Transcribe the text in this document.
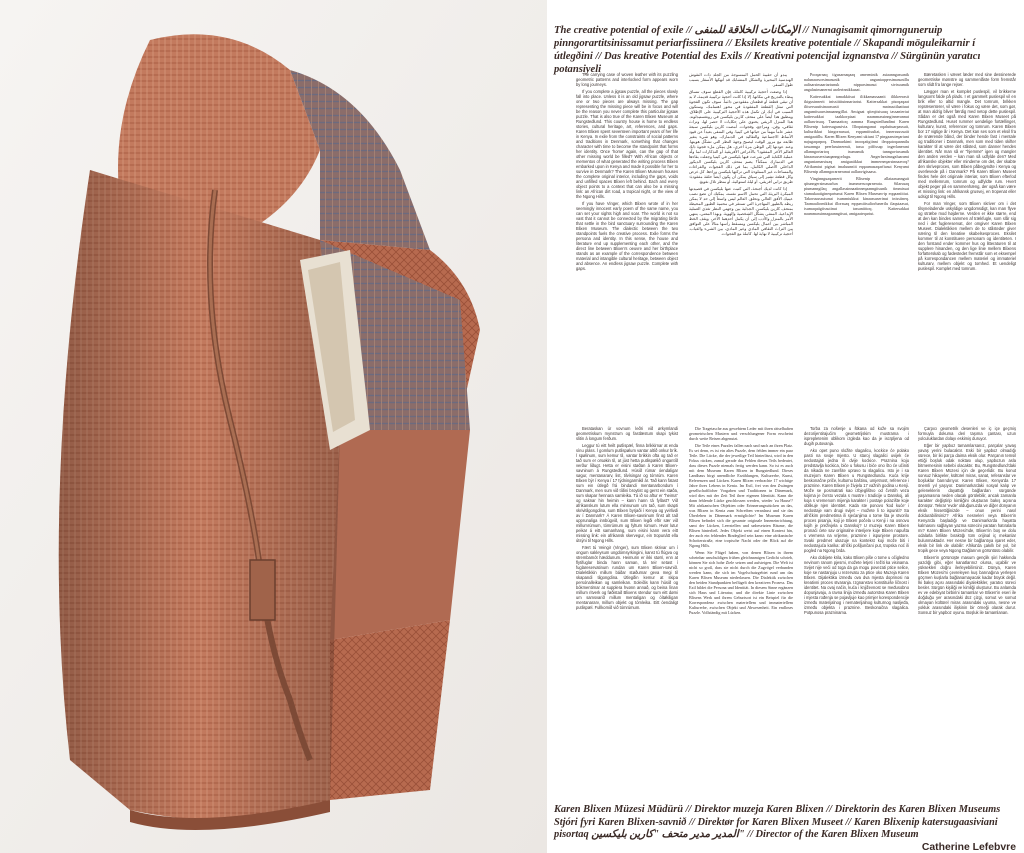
The creative potential of exile // الإمكانات الخلاقة للمنفى // Nunagisamit qimornguneruip pinngorartitsinissamut periarfissiinera // Eksilets kreative potentiale // Skapandi möguleikarnir í útlegðini // Das kreative Potential des Exils // Kreativni potencijal izgnanstva // Sürgünün yaratıcı potansiyeli

The carrying case of woven leather with its puzzling geometric patterns and interlocked form appears worn by long journeys.

If you complete a jigsaw puzzle, all the pieces slowly fall into place. Unless it is an old jigsaw puzzle, where one or two pieces are always missing. The gap representing the missing piece will be in focus and will be the reason you never complete this particular jigsaw puzzle. That is also true of the Karen Blixen Museum at Rungstedlund. This country house is home to endless stories, cultural heritage, art, references, and gaps. Karen Blixen spent seventeen important years of her life in Kenya. In exile from the constraints of social patterns and traditions in Denmark, something that changes character with time to become the standpoint that forms her identity. Once 'home' again, can the gap of that other missing world be filled? With African objects or mementos of what generated the writing process Blixen embarked upon in Kenya and made it possible for her to survive in Denmark? The Karen Blixen Museum houses the complete original interior, including the gaps, voids and unfilled spaces Blixen left behind. Each and every object points to a context that can also be a missing link: an African dirt road, a tropical night, or the view of the Ngong Hills.

If you have Vinger, which Blixen wrote of in her seemingly innocent early poem of the same name, you can set your sights high and soar. The world is not so vast that it cannot be connected by the migrating birds that settle in the bird sanctuary surrounding the Karen Blixen Museum. The dialectic between the two standpoints fuels the creative process. Exile forms the persona and identity. In this sense, the house and literature end up supplementing each other, and the direct line between Blixen's oeuvre and her birthplace stands as an example of the correspondence between material and intangible cultural heritage, between object and absence. An endless jigsaw puzzle. Complete with gaps.

يبدو أن حقيبة الحمل المنسوجة من الجلد ذات النقوش الهندسية المحيرة والشكل المتشابك قد أنهكها الأسفار بسبب طول السفر.

إذا وضعت أحجية تركيبية كاملة، فإن القطع سوف تنساق ببطء بالتدريج في مكانها. إلا إذا كانت أحجية تركيبية قديمة، لا بد أن تبقى قطعة أو قطعتان مفقودتين دائماً. سوف تكون الفجوة التي تمثل القطعة المفقودة في محور اهتمامك، وستكون السبب في أنك لن تكمل هذه الأحجية التركيبية على الإطلاق. وينطبق هذا أيضاً على متحف كارين بليكسن في رونغستيدلوند. هذا المنزل الريفي يحتوي على حكايات لا حصر لها، وتراث ثقافي، وفن، ومراجع، وفجوات. أمضت كارين بليكسن سبعة عشر عاماً مهماً من حياتها في كينيا. وفي المنفى بعيداً عن قيود الأنماط الاجتماعية والتقاليد في الدنمارك، وهو شيء يتغير طابعه مع مرور الوقت ليصبح وجهة النظر التي تشكّل هويتها. وعند عودتها إلى الوطن مرة أخرى، هل يمكن ملء فجوة ذلك العالم الآخر المفقود؟ بالأغراض الأفريقية أو التذكارات لما ولّد عملية الكتابة التي شرعت فيها بليكسن في كينيا وجعلت بقاءها في الدنمارك ممكناً؟ يضم متحف كارين بليكسن الديكور الداخلي الأصلي الكامل، بما في ذلك الفجوات والفراغات والمساحات غير المملوءة التي تركتها بليكسن وراءها. كل غرض وكل قطعة تشير إلى سياق يمكن أن يكون أيضاً حلقة مفقودة: طريق ترابي أفريقي، أو ليلة استوائية، أو منظر تلال نغونغ.

إذا كانت لديك أجنحة، التي كتبت عنها بليكسن في قصيدتها المبكرة البريئة التي تحمل الاسم نفسه، يمكنك أن تضع نصب عينيك الأفق العالي وتحلق. العالم ليس واسعاً إلى حد لا يمكن ربطه بالطيور المهاجرة التي تستقر في محمية الطيور المحيطة بمتحف كارين بليكسن. الجدلية بين وجهتي النظر تغذي العملية الإبداعية. المنفى يشكّل الشخصية والهوية. وبهذا المعنى، ينتهي الأمر بالمنزل والأدب إلى أن يكمل أحدهما الآخر، ويقف الخط المباشر بين أعمال بليكسن ومسقط رأسها مثالاً على التوافق بين التراث الثقافي المادي وغير المادي، بين الشيء والغياب. أحجية تركيبية لا نهاية لها. كاملة مع الفجوات.

Pooqarnaq tigusarnaqaaq amerminik asiaanngassanik nalunaarsorsimasunik anguniaqqersimasunillu aalisarsimaartartunuk nipparsimasut sivisuumik angalasimanermi aarlerinnikkuaat.

Kattersakkat tamakkiisut ilikkamassaanit ilikkeerasit ikigusinnerit inissiitituinnartartut. Kattersakkat pisoqaqaat ilitsersuutisinaassusit matsuutilaattuut angumitsaarsinnaanngillat. Amigaat qiteqitsisaaq tassaniertut kattersakkat taakkorpiaat naammassinnginnerannut aallaavissaq. Taamaattoq aamma Rungstedlundimi Karen Blixenip katersugaasivia. Illoqutanganut oqaluttuarpassuit, kulturikkut kingornussat, eqqumiitsuliat, innersuussutit amigaatillu. Karen Blixen Kenyami ukiuni 17 pingaaruteqartuni najugaqarpoq. Danmarkimi inooqatigiinni ileqqutoqaannilu tassannga peerlussinermit, tassa piffissap ingerlanerani allanngortartoq isumamik tunngaviusumik kinaassusersiuaqanngorlugu. Angerlarsimagaluarami anguniarnarsiuaq amigaatikkut immerneqarsinnaavoq? Afrikamiut pigisat imaluunniit eqqaamasaqarfiusut Kenyami Blixenip allanngorarneranut aallaavigisaasa.

Vinginnguaqarnerit Blixenip allataasunnguit qitunngersimasurlun isummersoqarnerata. Silarsuaq piumanngilaq angallassinnaatinneqaanngitsunik timmissat siumukaatigineqartunut Karen Blixen Museum-ip eqqaaniittut. Takorusussutunut isummiukkut kinaassuserinut inissiineq. Taamaaliornikkut illorsuaq eqqumiitsuliorlunerilu ilaqutaasut, isumaqatigiissutinut tassaniittoq. Kattersakkat naammassinnagaanngitsut, amigaateqartut.

Bæretasken i vævet læder med sine dessinerede geometriske mønstre og sammenlåste form fremstår som slidt fra lange rejser.

Lægger man et komplet puslespil, vil brikkerne langsomt falde på plads. I et gammelt puslespil vil en brik eller to altid mangle. Det tomrum, brikken repræsenterer, vil være i fokus og være det, som gør, at man aldrig bliver færdig med netop dette puslespil. Sådan er det også med Karen Blixen Museet på Rungstedlund. Huset rummer uendelige fortællinger, kulturarv, kunst, referencer og tomrum. Karen Blixen bor 17 vigtige år i Kenya. Det kan ses som et eksil fra de snærende bånd, der binder hende fast i mentale og traditioner i Danmark, men som med tiden skifter karakter til at være det ståsted, som danner hendes identitet. Når man så er "hjemme" igen og mangler den anden verden – kan man så udfylde den? Med afrikanske objekter eller minderne om det, der skabte den skriveproces, som Blixen påbegyndte i Kenya og overlevede på i Danmark? På Karen Blixen Museet findes hele det originale interiør, som Blixen efterlod med mellemrum, tomrum og udfyldte rum. Hvert objekt peger på en sammenhæng, der også kan være et missing link: en afrikansk grusvej, en tropenat eller udsigt til Ngong Hills.

For man Vinger, som Blixen skriver om i det tilsyneladende uskyldige ungdomsdigt, kan man flyve og stræbe mod højderne. Verden er ikke større, end at den kan bindes sammen af trækfugle, som slår sig ned i det fuglereservat, der omgiver Karen Blixen Museet. Dialektikken mellem de to ståsteder giver næring til den kreative skabelsesproces. Eksilet kommer til at konstituere personam og identiteten. I den forstand ender kommer hus og litteraturen til at supplere hinanden, og den lige linie mellem Blixens forfatterskab og fødestedet fremstår som et eksempel på korrespondancen mellem materiel og immateriel kulturarv, mellem objekt og tomhed. Et uendeligt puslespil. Komplet med tomrum.

Berataskan úr vovnum leðri við ørkymlandi geometriskum mynstrum og fastlæstum skapi tykist slitin á longum ferðum.

Leggur tú eitt heilt putlispæl, finna brikkirnar at enda sínu pláss. Í gomlum putlispølum vantar altíð onkur brík. Í spølinum, sum kemur til, vantar brikkin ofta og tað er tað sum er orsøkin til, at júst hetta putlispælið ongantíð verður liðugt. Hetta er eisini støðan á Karen Blixen-savninum á Rungstedlund. Húsið rúmar óendaligar søgur, mentanararv, list, tilvísingar og tómrúm. Karen Blixen býr í Kenya í 17 týdningarmikil ár. Tað kann fatast sum ein útlegð frá bindandi mentanarbondum í Danmark, men sum við tíðini broytist og gerst ein støða, sum skapar hennara samleika. Tá ið so aftur er "heima" og saknar hin heimin – kann hann tá fyllast? Við afrikanskum lutum ella minnunum um tað, sum skapti skrivitilgongdina, sum Blixen byrjaði í Kenya og yvirlivdi av í Danmark? Á Karen Blixen-savninum finst alt tað upprunaliga innbúgvið, sum Blixen legði eftir sær við millumrúmum, tómrúmum og fyltum rúmum. Hvør lutur peikar á eitt samanhang, sum eisini kann vera eitt missing link: ein afrikansk skervegur, ein tropunátt ella útsýni til Ngong Hills.

Fært tú Veingir (Vinger), sum Blixen skrivar um í ongum sakleysum ungdómsyrkingini, kanst tú flúgva og strembamót hæddunum. Heimurin er ikki størri, enn at flytifuglar binda hann saman, tá teir setast í fuglareservatinum rundan um Karen Blixen-savnið. Dialektikkin millum báðar støðurnar geva megi til skapandi tilgongdina. Útlegðin kemur at skipa persónalleikan og samleikan. Soleiðis kann húsið og bókmentirnar at supplera hvønn annað, og beina línan millum ritverk og føðistað Blixens stendur sum eitt dømi um samsvarið millum mentaligan og óítøkiligan mentanararv, millum objekt og tómleika. Eitt óendaligt putlispæl. Fullkomið við tómrúmum.

Die Tragetasche aus gewebtem Leder mit ihren rätselhaften geometrischen Mustern und verschlungener Form erscheint durch weite Reisen abgenutzt.

Die Teile eines Puzzles fallen nach und nach an ihren Platz. Es sei denn, es ist ein altes Puzzle, dem fehlen immer ein paar Teile. Die Lücke, die der jeweilige Teil hinterlässt, wird in den Fokus rücken, zumal gerade das Fehlen dieses Teils bedeutet, dass dieses Puzzle niemals fertig werden kann. So ist es auch mit dem Museum Karen Blixen in Rungstedlund. Dieses Landhaus birgt unendliche Erzählungen, Kulturerbe, Kunst, Referenzen und Lücken. Karen Blixen verbrachte 17 wichtige Jahre ihres Lebens in Kenia. Im Exil, frei von den Zwängen gesellschaftlicher Vorgaben und Traditionen in Dänemark, wird dies mit der Zeit Teil ihrer eigenen Identität. Kann die dann fehlende Lücke geschlossen werden, wieder 'zu Hause'? Mit afrikanischen Objekten oder Erinnerungsstücken an das, was Blixen in Kenia zum Schreiben veranlasst und sie das Überleben in Dänemark ermöglichte? Im Museum Karen Blixen befindet sich die gesamte originale Inneneinrichtung, samt der Lücken, Leerstellen und unbesetzten Räume, die Blixen hinterließ. Jedes Objekt weist auf einen Kontext hin, der auch ein fehlendes Bindeglied sein kann: eine afrikanische Schotterstraße, eine tropische Nacht oder der Blick auf die Ngong Hills.

Wenn Sie Flügel haben, von denen Blixen in ihrem scheinbar unschuldigen frühen gleichnamigen Gedicht schrieb, können Sie sich hohe Ziele setzen und aufsteigen. Die Welt ist nicht so groß, dass sie nicht durch die Zugvögel verbunden werden kann, die sich im Vogelschutzgebiet rund um das Karen Blixen Museum niederlassen. Die Dialektik zwischen den beiden Standpunkten beflügelt den kreativen Prozess. Das Exil bildet die Persona und Identität. In diesem Sinne ergänzen sich Haus und Literatur, und die direkte Linie zwischen Blixens Werk und ihrem Geburtsort ist ein Beispiel für die Korrespondenz zwischen materiellem und immateriellem Kulturerbe, zwischen Objekt und Abwesenheit. Ein endloses Puzzle. Vollständig mit Lücken.

Torba za nošenje u štkana od kože sa svojim dezorijentirajućim geometrijskim mustrama i isprepletenim oblikom izgleda kao da je iscrpljena od dugih putovanja.

Ako opet puno složite slagalicu, kockice će polako pasti na svoje mjesto. U staroj slagalici uvijek će nedostajati jedna ili dvije kockice. Praznina koju predstavlja kockica, biće u fokusu i biće ono što će učiniti da nikada ne završite upravo tu slagalicu. Isto je i sa muzejom Karen Blixen u Rungstedlundu. Kuća krije beskonačne priče, kulturnu baštinu, umjetnost, reference i praznine. Karen Blixen je živjela 17 važnih godina u Kenji. Može se posmatrati kao izbjeglištvo od čvrstih veza kojima je čvrsto vezala s mustre i tradicije u Danskoj, ali koja s vremenom mijenja karakter i postaje polazište koje oblikuje njen identitet. Kada ste ponovo 'kod kuće' i nedostaje vam drugi svijet – možete li to ispuniti? Sa afričkim predmetima ili sjećanjima o tome šta je stvorilo proces pisanja, koji je Blixen počela u Kenji i na osnovu kojih je preživjela u Danskoj? U muzeju Karen Blixen pronaći ćete sav originalne interijere koje Blixen napušta s vremena na vrijeme, praznine i ispunjene prostore. Svaki predmet ukazuje na kontekst koji može biti i nedostajuća karika: afrički pošljunčani put, tropska noć ili pogled na Ngong brda.

Ako dobijete krila, kako Blixen piše o tome u očigledno nevinom ranom pjesmi, možete letjeti i težiti ka visinama. Svijet nije veći od toga da ga mogu povezati ptice selice, koje se nastanjuju u rezervatu za ptice oko Muzeja Karen Blixen. Dijalektika između ova dva mjesta doprinosi na kreativni proces stvaranja. Izgnanstvo konstituiše ličnost i identitet. Na ovaj način, kuća i književnost se međusobno dopunjavaju, a ravna linija između autorstva Karen Blixen i mjesta rođenja se pojavljuje kao primjer korespondencije između materijalnog i nematerijalnog kulturnog nasljeđa, između objekta i praznine. Beskonačna slagalica. Potpunosa prazninama.

Çarpıcı geometrik desenleri ve iç içe geçmiş formuyla dokuma deri taşıma çantası, uzun yolculuklardan dolayı eskimiş duruyor.

Eğer bir yapboz tamamlarsanız, parçalar yavaş yavaş yerini bulacaktır. Eski bir yapboz olmadığı sürece, bir iki parça daima eksik olur. Parçanın temsil ettiği boşluk odak noktası olup, yapbozun asla bitmemesinin sebebi olacaktır. Bu, Rungstedlund'daki Karen Blixen Müzesi için de geçerlidir. Bu konut sonsuz hikayeler, kültürel miras, sanat, referanslar ve boşluklar barındırıyor. Karen Blixen, Kenya'da 17 önemli yıl yaşıyor. Danimarka'daki sosyal kalıp ve geleneklerin dayattığı bağlardan sürgünde yaşamasına neden olacak görülebilir, ancak zamanla karakter değiştirip kimliğini oluşturan bakış açısına dönüşür. Tekrar 'evde' olduğunuzda ve diğer dünyanın eksik hissettiğinizde – onun yerini nasıl doldurabilirsiniz? Afrika nesneleri veya Blixen'in Kenya'da başladığı ve Danimarka'da hayatta kalmasını sağlayan yazma sürecini yaratan hatıralarla mı? Karen Blixen Müzesi'nde, Blixen'in boş ve dolu odalarla birlikte bıraktığı tüm orijinal iç mekanlar bulunmaktadır. Her nesne bir bağlantıya işaret eder, eksik bir link de olabilir: Afrika'da çakıllı bir yol, bir tropik gece veya Ngong Dağlarının görüntüsü olabilir.

Blixen'in görünüşte masum gençlik şiiri hakkında yazdığı gibi, eğer kanatlarınız olursa, uçabilir ve yüksekleri doğru ilerleyebilirsiniz. Dünya, Karen Blixen Müzesi'ni çevreleyen kuş barınağına yerleşen göçmen kuşlarla bağlanamayacak kadar büyük değil. İki bakış açısı arasındaki diyalektikler, yaratıcı süreci besler. Sürgün kişiliği ve kimliği oluşturur. Bu anlamda ev ve edebiyat birbirini tamamlar ve Blixen'in eseri ile doğduğu yer arasındaki düz çizgi, somut ve somut olmayan kültürel miras arasındaki uyuma, nesne ve yokluk arasındaki ilişkinin bir örneği olarak durur. Sonsuz bir yapboz oyunu. Boşluk ile tamamlanan.

Karen Blixen Müzesi Müdürü // Direktor muzeja Karen Blixen // Direktorin des Karen Blixen Museums Stjóri fyri Karen Blixen-savnið // Direktør for Karen Blixen Museet // Karen Blixenip katersugaasiviani pisortaq المدير مدير متحف "كارين بليكسين" // Director of the Karen Blixen Museum

Catherine Lefebvre
